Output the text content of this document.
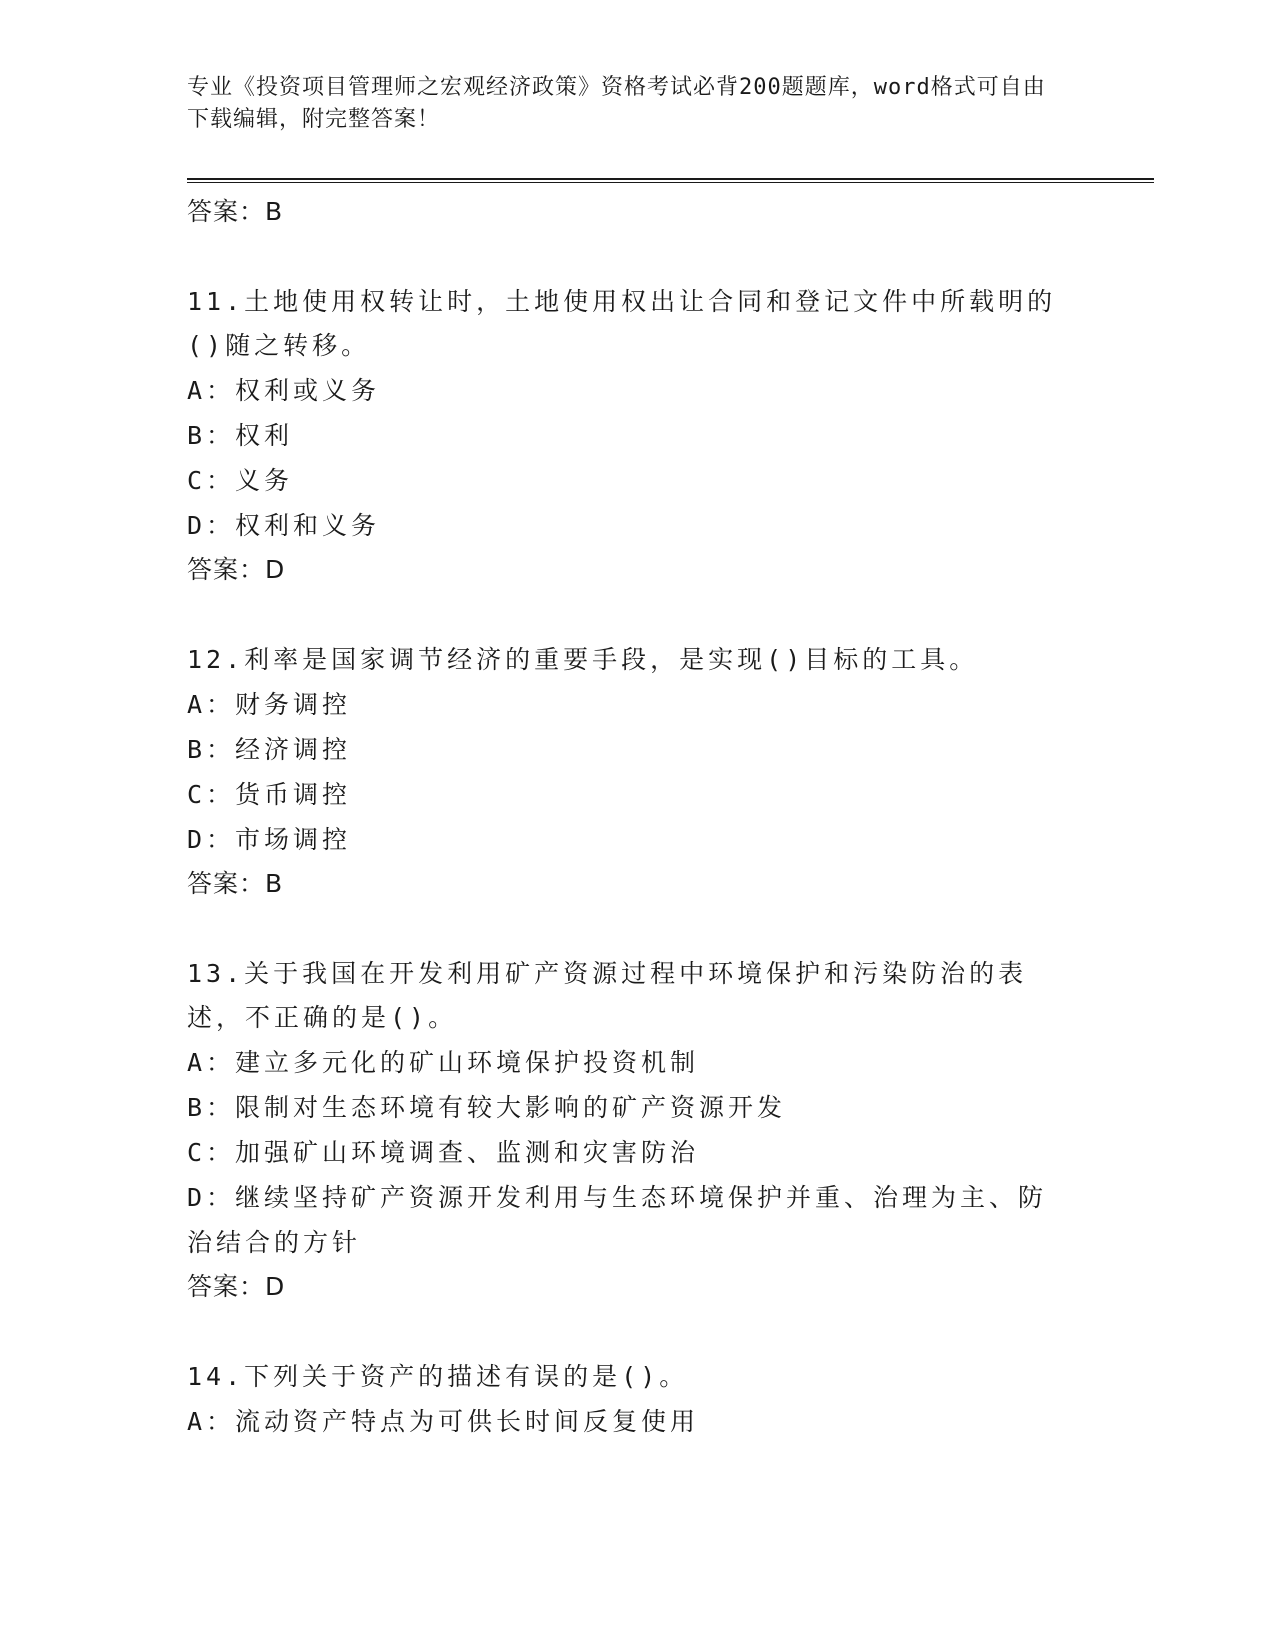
专业《投资项目管理师之宏观经济政策》资格考试必背200题题库，word格式可自由下载编辑，附完整答案！
答案：B
11.土地使用权转让时，土地使用权出让合同和登记文件中所载明的()随之转移。
A：权利或义务
B：权利
C：义务
D：权利和义务
答案：D
12.利率是国家调节经济的重要手段，是实现()目标的工具。
A：财务调控
B：经济调控
C：货币调控
D：市场调控
答案：B
13.关于我国在开发利用矿产资源过程中环境保护和污染防治的表述，不正确的是()。
A：建立多元化的矿山环境保护投资机制
B：限制对生态环境有较大影响的矿产资源开发
C：加强矿山环境调查、监测和灾害防治
D：继续坚持矿产资源开发利用与生态环境保护并重、治理为主、防治结合的方针
答案：D
14.下列关于资产的描述有误的是()。
A：流动资产特点为可供长时间反复使用
